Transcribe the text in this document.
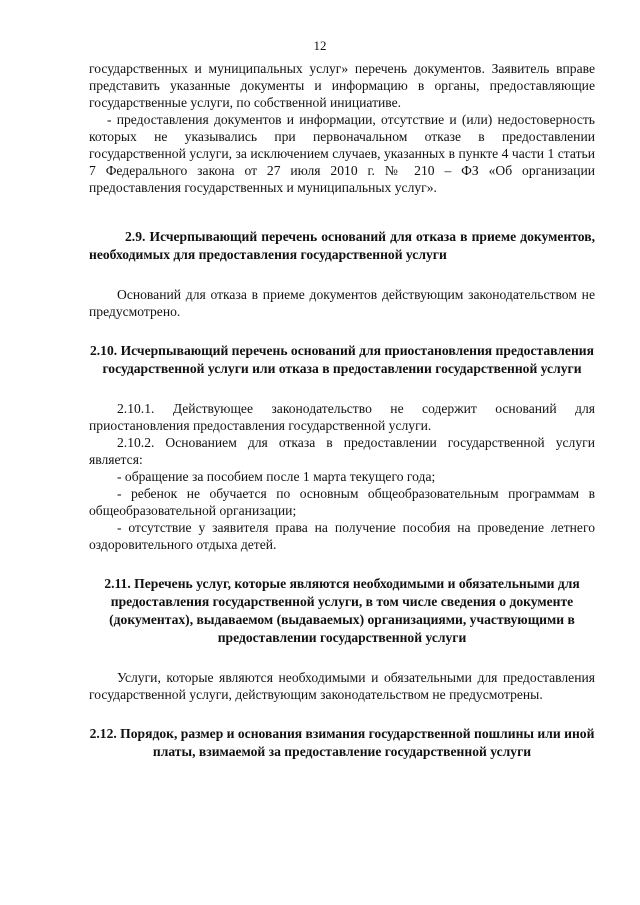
12

государственных и муниципальных услуг» перечень документов. Заявитель вправе представить указанные документы и информацию в органы, предоставляющие государственные услуги, по собственной инициативе.

- предоставления документов и информации, отсутствие и (или) недостоверность которых не указывались при первоначальном отказе в предоставлении государственной услуги, за исключением случаев, указанных в пункте 4 части 1 статьи 7 Федерального закона от 27 июля 2010 г. № 210 – ФЗ «Об организации предоставления государственных и муниципальных услуг».

2.9. Исчерпывающий перечень оснований для отказа в приеме документов, необходимых для предоставления государственной услуги

Оснований для отказа в приеме документов действующим законодательством не предусмотрено.

2.10. Исчерпывающий перечень оснований для приостановления предоставления государственной услуги или отказа в предоставлении государственной услуги

2.10.1. Действующее законодательство не содержит оснований для приостановления предоставления государственной услуги.

2.10.2. Основанием для отказа в предоставлении государственной услуги является:

- обращение за пособием после 1 марта текущего года;

- ребенок не обучается по основным общеобразовательным программам в общеобразовательной организации;

- отсутствие у заявителя права на получение пособия на проведение летнего оздоровительного отдыха детей.

2.11. Перечень услуг, которые являются необходимыми и обязательными для предоставления государственной услуги, в том числе сведения о документе (документах), выдаваемом (выдаваемых) организациями, участвующими в предоставлении государственной услуги

Услуги, которые являются необходимыми и обязательными для предоставления государственной услуги, действующим законодательством не предусмотрены.

2.12. Порядок, размер и основания взимания государственной пошлины или иной платы, взимаемой за предоставление государственной услуги
